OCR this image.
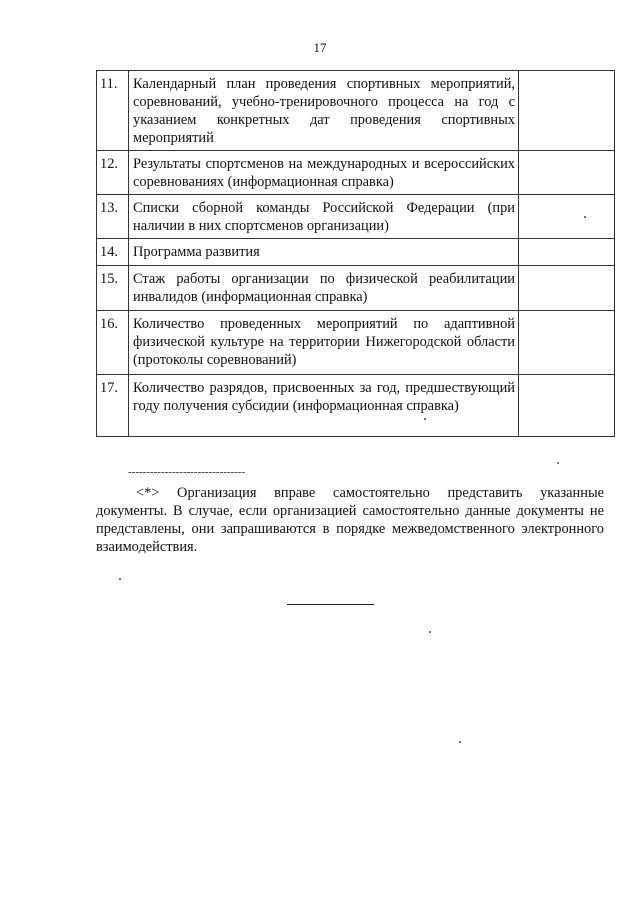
17
11.	Календарный план проведения спортивных мероприятий, соревнований, учебно-тренировочного процесса на год с указанием конкретных дат проведения спортивных мероприятий	
12.	Результаты спортсменов на международных и всероссийских соревнованиях (информационная справка)	
13.	Списки сборной команды Российской Федерации (при наличии в них спортсменов организации)	
14.	Программа развития	
15.	Стаж работы организации по физической реабилитации инвалидов (информационная справка)	
16.	Количество проведенных мероприятий по адаптивной физической культуре на территории Нижегородской области (протоколы соревнований)	
17.	Количество разрядов, присвоенных за год, предшествующий году получения субсидии (информационная справка)	
--------------------------------
<*> Организация вправе самостоятельно представить указанные документы. В случае, если организацией самостоятельно данные документы не представлены, они запрашиваются в порядке межведомственного электронного взаимодействия.
